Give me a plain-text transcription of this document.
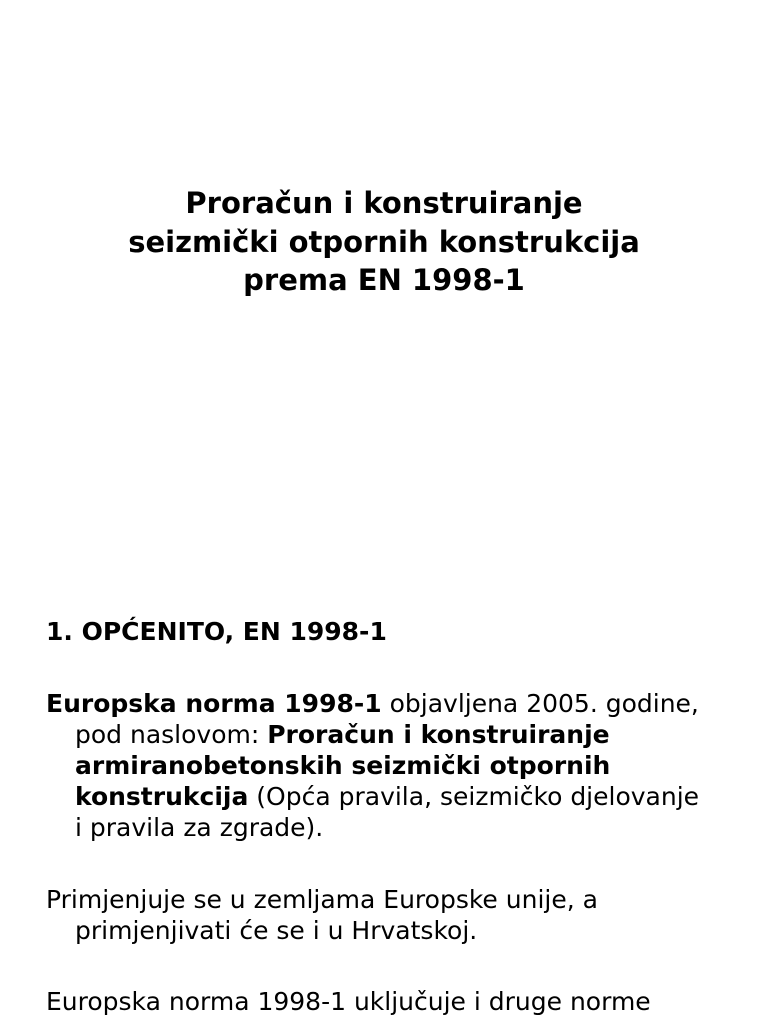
Proračun i konstruiranje
seizmički otpornih konstrukcija
prema EN 1998-1
1. OPĆENITO, EN 1998-1
Europska norma 1998-1 objavljena 2005. godine,
pod naslovom: Proračun i konstruiranje
armiranobetonskih seizmički otpornih
konstrukcija (Opća pravila, seizmičko djelovanje
i pravila za zgrade).
Primjenjuje se u zemljama Europske unije, a
primjenjivati će se i u Hrvatskoj.
Europska norma 1998-1 uključuje i druge norme
